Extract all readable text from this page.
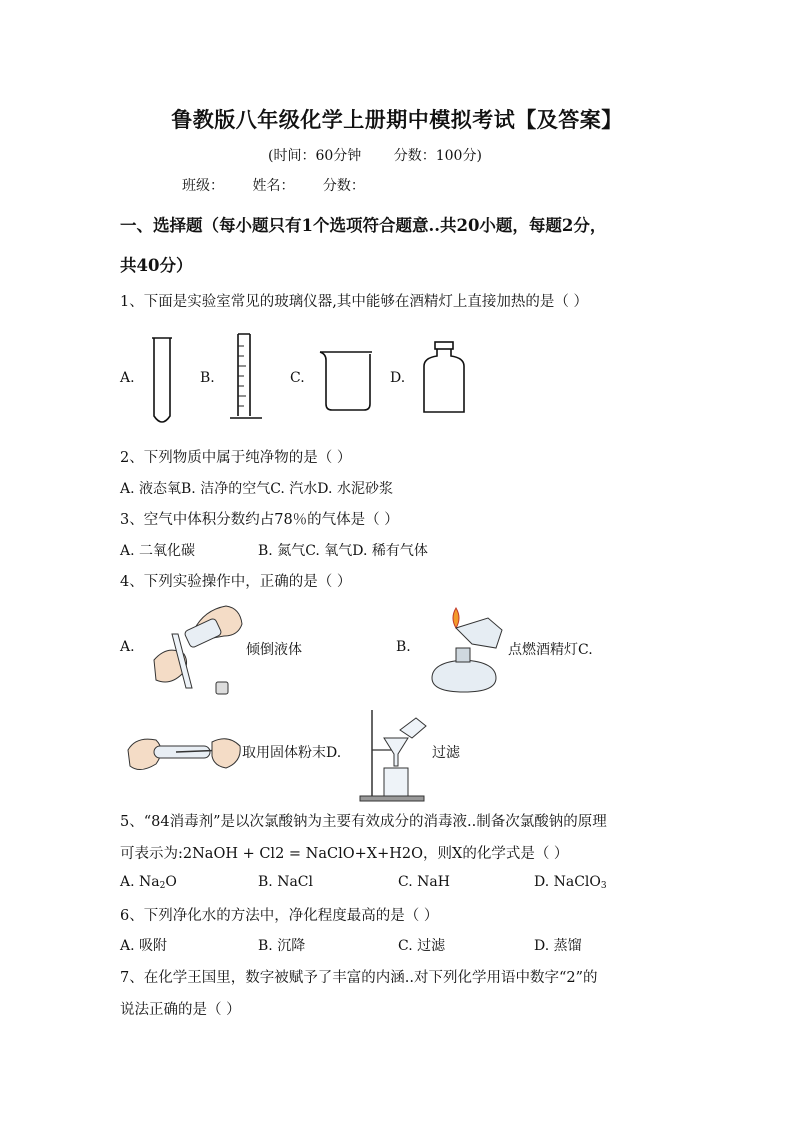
鲁教版八年级化学上册期中模拟考试【及答案】
(时间：60分钟 分数：100分)
班级： 姓名： 分数：
一、选择题（每小题只有1个选项符合题意..共20小题，每题2分，
共40分）
1、下面是实验室常见的玻璃仪器,其中能够在酒精灯上直接加热的是（ ）
A.	B.	C.	D.
2、下列物质中属于纯净物的是（ ）
A. 液态氧B. 洁净的空气C. 汽水D. 水泥砂浆
3、空气中体积分数约占78％的气体是（ ）
A. 二氧化碳	B. 氮气C. 氧气D. 稀有气体
4、下列实验操作中，正确的是（ ）
A.	倾倒液体	B.	点燃酒精灯C.
取用固体粉末D.	过滤
5、“84消毒剂”是以次氯酸钠为主要有效成分的消毒液..制备次氯酸钠的原理
可表示为:2NaOH + Cl2 = NaClO+X+H2O，则X的化学式是（ ）
A. $Na_2O$	B. NaCl	C. NaH	D. NaClO$_3$
6、下列净化水的方法中，净化程度最高的是（ ）
A. 吸附	B. 沉降	C. 过滤	D. 蒸馏
7、在化学王国里，数字被赋予了丰富的内涵..对下列化学用语中数字“2”的
说法正确的是（ ）
